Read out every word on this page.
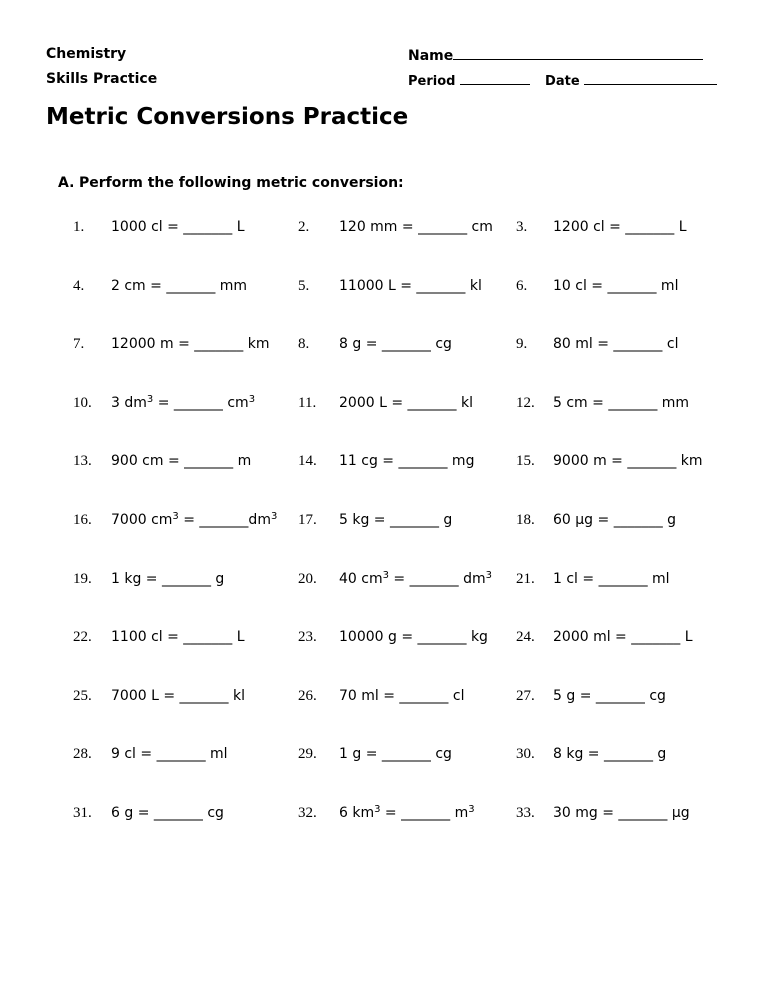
Chemistry
Skills Practice
Name
Period	Date
Metric Conversions Practice
A. Perform the following metric conversion:
1. 1000 cl = _______ L	2. 120 mm = _______ cm 3. 1200 cl = _______ L
4. 2 cm = _______ mm	5. 11000 L = _______ kl 6. 10 cl = _______ ml
7. 12000 m = _______ km 8. 8 g = _______ cg	9. 80 ml = _______ cl
10. 3 $dm^3$ = _______ $cm^3$	11. 2000 L = _______ kl	12. 5 cm = _______ mm
13. 900 cm = _______ m	14. 11 cg = _______ mg	15. 9000 m = _______ km
16. 7000 $cm^3$ = $\_\_\_\_\_\_\_dm^3$ 17. 5 kg = _______ g	18. 60 µg = _______ g
19. 1 kg = _______ g	20. 40 $cm^3$ = _______ $dm^3$ 21. 1 cl = _______ ml
22. 1100 cl = _______ L	23. 10000 g = _______ kg 24. 2000 ml = _______ L
25. 7000 L = _______ kl	26. 70 ml = _______ cl	27. 5 g = _______ cg
28. 9 cl = _______ ml	29. 1 g = _______ cg	30. 8 kg = _______ g
31. 6 g = _______ cg	32. 6 $km^3$ = _______ $m^3$	33. 30 mg = _______ µg
